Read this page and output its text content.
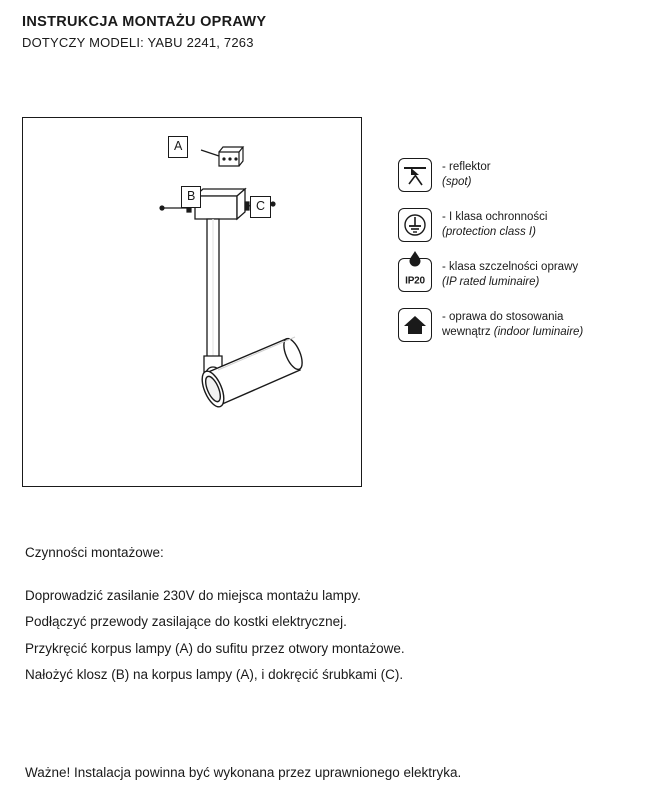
INSTRUKCJA MONTAŻU OPRAWY
DOTYCZY MODELI: YABU 2241, 7263
A
B
C
- reflektor
(spot)
- I klasa ochronności
(protection class I)
IP20
- klasa szczelności oprawy
(IP rated luminaire)
- oprawa do stosowania
wewnątrz (indoor luminaire)

Czynności montażowe:

Doprowadzić zasilanie 230V do miejsca montażu lampy.

Podłączyć przewody zasilające do kostki elektrycznej.

Przykręcić korpus lampy (A) do sufitu przez otwory montażowe.

Nałożyć klosz (B) na korpus lampy (A), i dokręcić śrubkami (C).

Ważne! Instalacja powinna być wykonana przez uprawnionego elektryka.
